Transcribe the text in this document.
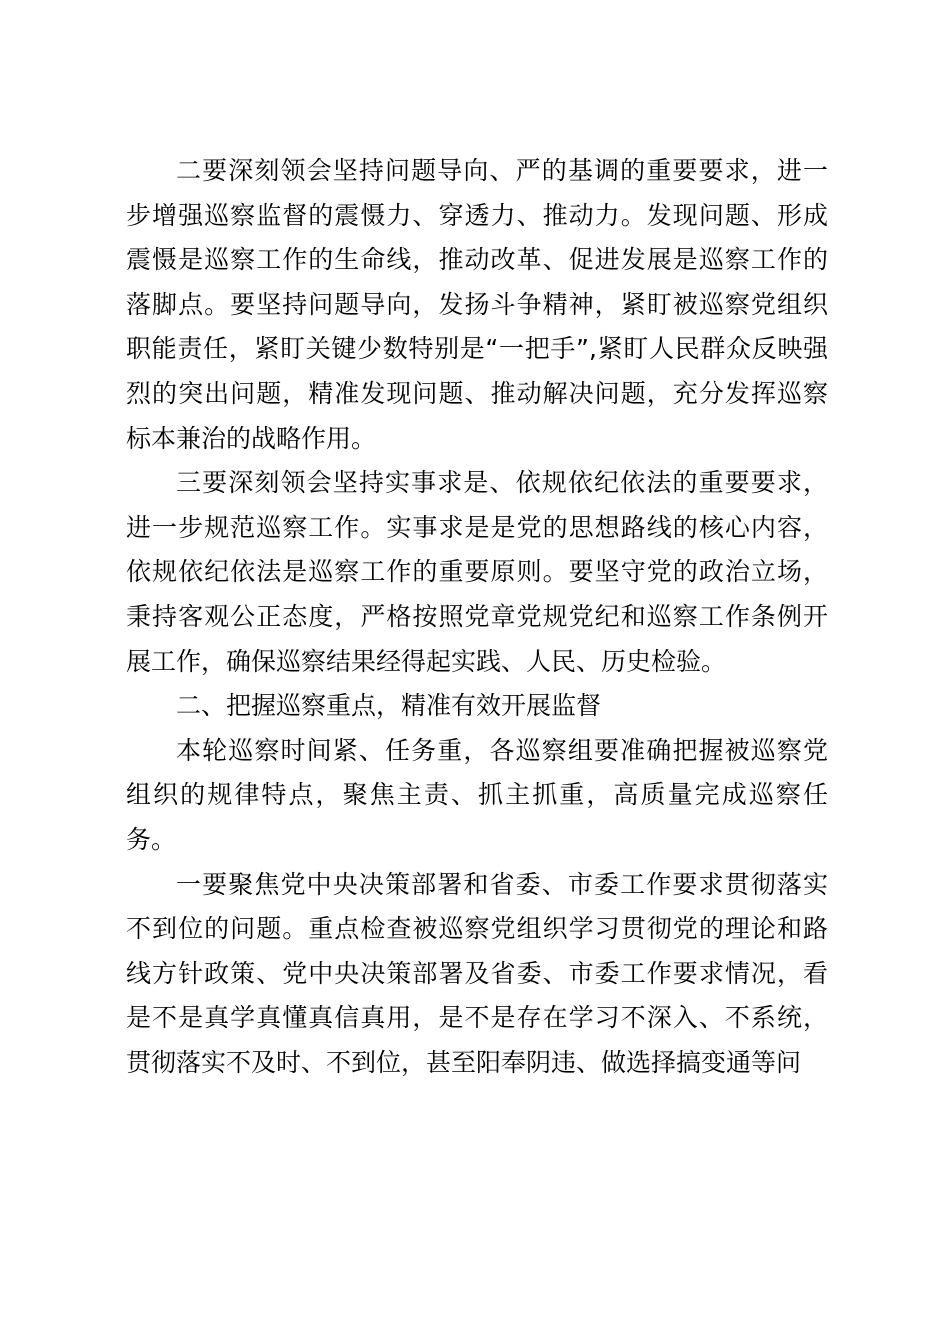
二要深刻领会坚持问题导向、严的基调的重要要求，进一
步增强巡察监督的震慑力、穿透力、推动力。发现问题、形成
震慑是巡察工作的生命线，推动改革、促进发展是巡察工作的
落脚点。要坚持问题导向，发扬斗争精神，紧盯被巡察党组织
职能责任，紧盯关键少数特别是“一把手”,紧盯人民群众反映强
烈的突出问题，精准发现问题、推动解决问题，充分发挥巡察
标本兼治的战略作用。
三要深刻领会坚持实事求是、依规依纪依法的重要要求，
进一步规范巡察工作。实事求是是党的思想路线的核心内容，
依规依纪依法是巡察工作的重要原则。要坚守党的政治立场，
秉持客观公正态度，严格按照党章党规党纪和巡察工作条例开
展工作，确保巡察结果经得起实践、人民、历史检验。
二、把握巡察重点，精准有效开展监督
本轮巡察时间紧、任务重，各巡察组要准确把握被巡察党
组织的规律特点，聚焦主责、抓主抓重，高质量完成巡察任
务。
一要聚焦党中央决策部署和省委、市委工作要求贯彻落实
不到位的问题。重点检查被巡察党组织学习贯彻党的理论和路
线方针政策、党中央决策部署及省委、市委工作要求情况，看
是不是真学真懂真信真用，是不是存在学习不深入、不系统，
贯彻落实不及时、不到位，甚至阳奉阴违、做选择搞变通等问
